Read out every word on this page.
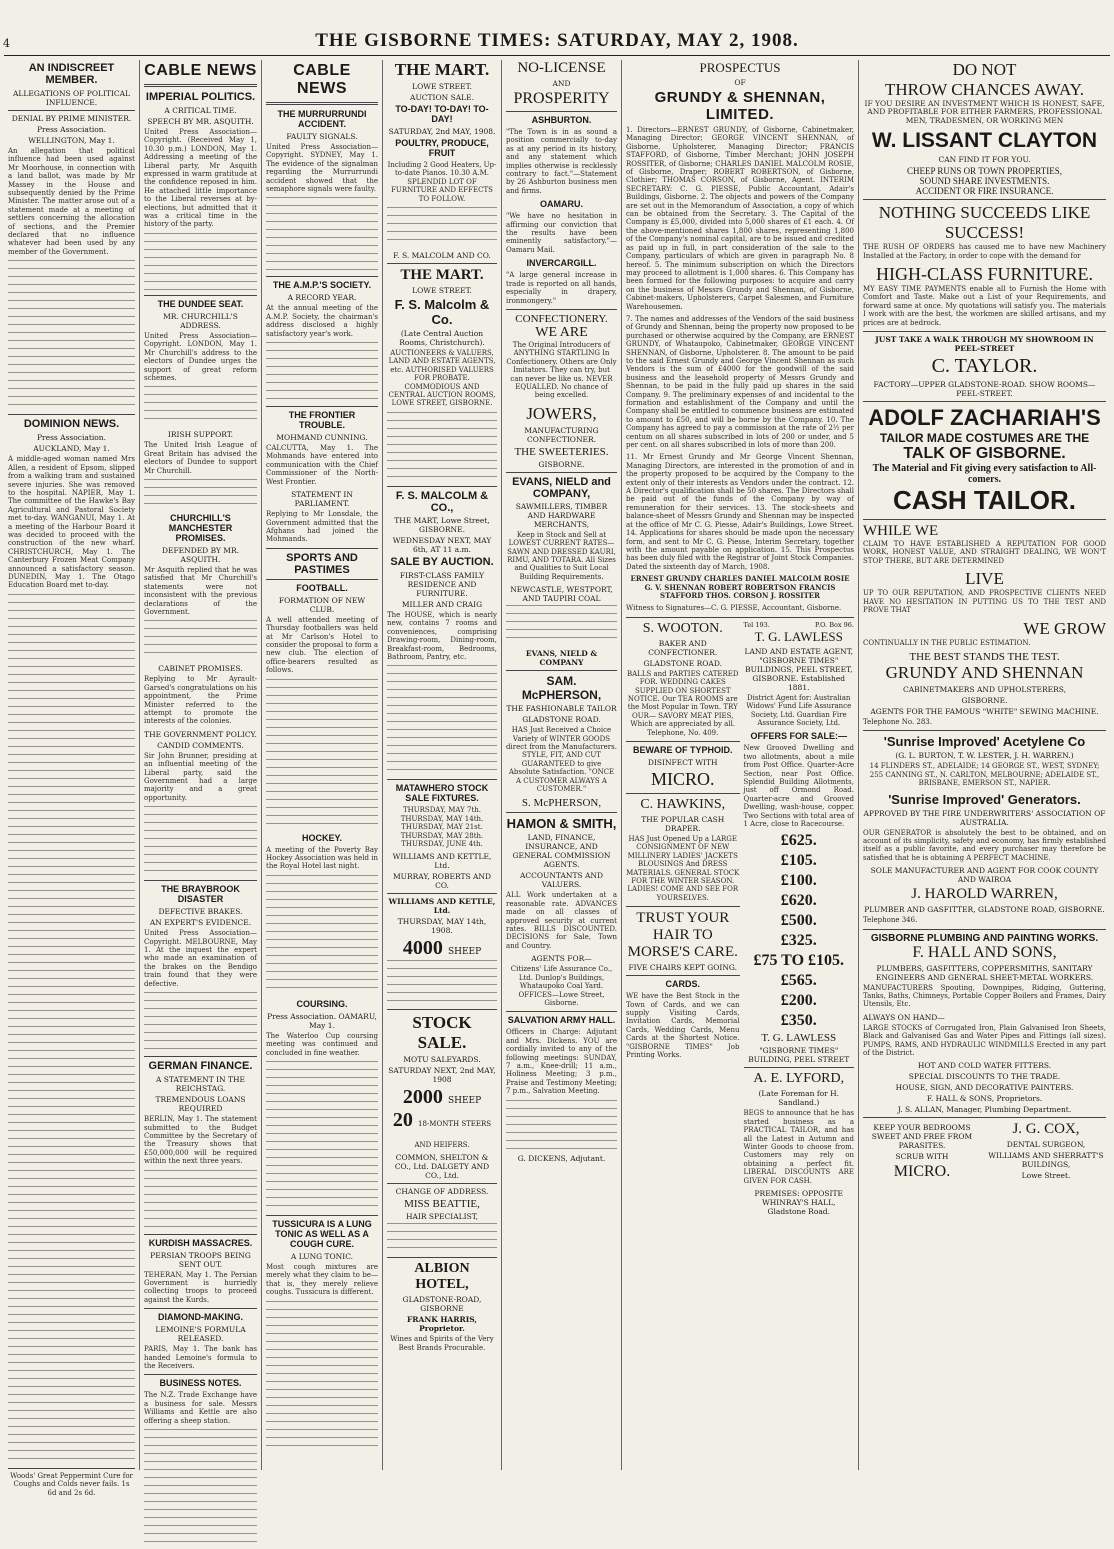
4	THE GISBORNE TIMES: SATURDAY, MAY 2, 1908.
AN INDISCREET MEMBER.
ALLEGATIONS OF POLITICAL INFLUENCE.
DENIAL BY PRIME MINISTER.
Press Association.
WELLINGTON, May 1.
An allegation that political influence had been used against Mr Moorhouse, in connection with a land ballot, was made by Mr Massey in the House and subsequently denied by the Prime Minister. The matter arose out of a statement made at a meeting of settlers concerning the allocation of sections, and the Premier declared that no influence whatever had been used by any member of the Government.
DOMINION NEWS.
Press Association.
AUCKLAND, May 1.
A middle-aged woman named Mrs Allen, a resident of Epsom, slipped from a walking tram and sustained severe injuries. She was removed to the hospital. NAPIER, May 1. The committee of the Hawke's Bay Agricultural and Pastoral Society met to-day. WANGANUI, May 1. At a meeting of the Harbour Board it was decided to proceed with the construction of the new wharf. CHRISTCHURCH, May 1. The Canterbury Frozen Meat Company announced a satisfactory season. DUNEDIN, May 1. The Otago Education Board met to-day.
Woods' Great Peppermint Cure for Coughs and Colds never fails. 1s 6d and 2s 6d.
CABLE NEWS
IMPERIAL POLITICS.
A CRITICAL TIME.
SPEECH BY MR. ASQUITH.
United Press Association—Copyright. (Received May 1, 10.30 p.m.) LONDON, May 1. Addressing a meeting of the Liberal party, Mr Asquith expressed in warm gratitude at the confidence reposed in him. He attached little importance to the Liberal reverses at by-elections, but admitted that it was a critical time in the history of the party.
THE DUNDEE SEAT.
MR. CHURCHILL'S ADDRESS.
United Press Association—Copyright. LONDON, May 1. Mr Churchill's address to the electors of Dundee urges the support of great reform schemes.
IRISH SUPPORT.
The United Irish League of Great Britain has advised the electors of Dundee to support Mr Churchill.
CHURCHILL'S MANCHESTER PROMISES.
DEFENDED BY MR. ASQUITH.
Mr Asquith replied that he was satisfied that Mr Churchill's statements were not inconsistent with the previous declarations of the Government.
CABINET PROMISES.
Replying to Mr Ayrault-Garsed's congratulations on his appointment, the Prime Minister referred to the attempt to promote the interests of the colonies.
THE GOVERNMENT POLICY.
CANDID COMMENTS.
Sir John Brunner, presiding at an influential meeting of the Liberal party, said the Government had a large majority and a great opportunity.
THE BRAYBROOK DISASTER
DEFECTIVE BRAKES.
AN EXPERT'S EVIDENCE.
United Press Association—Copyright. MELBOURNE, May 1. At the inquest the expert who made an examination of the brakes on the Bendigo train found that they were defective.
GERMAN FINANCE.
A STATEMENT IN THE REICHSTAG.
TREMENDOUS LOANS REQUIRED
BERLIN, May 1. The statement submitted to the Budget Committee by the Secretary of the Treasury shows that £50,000,000 will be required within the next three years.
KURDISH MASSACRES.
PERSIAN TROOPS BEING SENT OUT.
TEHERAN, May 1. The Persian Government is hurriedly collecting troops to proceed against the Kurds.
DIAMOND-MAKING.
LEMOINE'S FORMULA RELEASED.
PARIS, May 1. The bank has handed Lemoine's formula to the Receivers.
BUSINESS NOTES.
The N.Z. Trade Exchange have a business for sale. Messrs Williams and Kettle are also offering a sheep station.
CABLE NEWS
THE MURRURRUNDI ACCIDENT.
FAULTY SIGNALS.
United Press Association—Copyright. SYDNEY, May 1. The evidence of the signalman regarding the Murrurrundi accident showed that the semaphore signals were faulty.
THE A.M.P.'S SOCIETY.
A RECORD YEAR.
At the annual meeting of the A.M.P. Society, the chairman's address disclosed a highly satisfactory year's work.
THE FRONTIER TROUBLE.
MOHMAND CUNNING.
CALCUTTA, May 1. The Mohmands have entered into communication with the Chief Commissioner of the North-West Frontier.
STATEMENT IN PARLIAMENT.
Replying to Mr Lonsdale, the Government admitted that the Afghans had joined the Mohmands.
SPORTS AND PASTIMES
FOOTBALL.
FORMATION OF NEW CLUB.
A well attended meeting of Thursday footballers was held at Mr Carlson's Hotel to consider the proposal to form a new club. The election of office-bearers resulted as follows.
HOCKEY.
A meeting of the Poverty Bay Hockey Association was held in the Royal Hotel last night.
COURSING.
Press Association. OAMARU, May 1.
The Waterloo Cup coursing meeting was continued and concluded in fine weather.
TUSSICURA IS A LUNG TONIC AS WELL AS A COUGH CURE.
A LUNG TONIC.
Most cough mixtures are merely what they claim to be—that is, they merely relieve coughs. Tussicura is different.
THE MART.
LOWE STREET.
AUCTION SALE.
TO-DAY! TO-DAY! TO-DAY!
SATURDAY, 2nd MAY, 1908.
POULTRY, PRODUCE, FRUIT
Including 2 Good Heaters, Up-to-date Pianos. 10.30 A.M. SPLENDID LOT OF FURNITURE AND EFFECTS TO FOLLOW.
F. S. MALCOLM AND CO.
THE MART.
LOWE STREET.
F. S. Malcolm & Co.
(Late Central Auction Rooms, Christchurch).
AUCTIONEERS & VALUERS, LAND AND ESTATE AGENTS, etc. AUTHORISED VALUERS FOR PROBATE. COMMODIOUS AND CENTRAL AUCTION ROOMS, LOWE STREET, GISBORNE.
F. S. MALCOLM & CO.,
THE MART, Lowe Street, GISBORNE.
WEDNESDAY NEXT, MAY 6th, AT 11 a.m.
SALE BY AUCTION.
FIRST-CLASS FAMILY RESIDENCE AND FURNITURE.
MILLER AND CRAIG
The HOUSE, which is nearly new, contains 7 rooms and conveniences, comprising Drawing-room, Dining-room, Breakfast-room, Bedrooms, Bathroom, Pantry, etc.
MATAWHERO STOCK SALE FIXTURES.
THURSDAY, MAY 7th. THURSDAY, MAY 14th. THURSDAY, MAY 21st. THURSDAY, MAY 28th. THURSDAY, JUNE 4th.
WILLIAMS AND KETTLE, Ltd.
MURRAY, ROBERTS AND CO.
WILLIAMS AND KETTLE, Ltd.
THURSDAY, MAY 14th, 1908.
4000 SHEEP
STOCK SALE.
MOTU SALEYARDS.
SATURDAY NEXT, 2nd MAY, 1908
2000 SHEEP
20 18-MONTH STEERS AND HEIFERS.
COMMON, SHELTON & CO., Ltd. DALGETY AND CO., Ltd.
CHANGE OF ADDRESS.
MISS BEATTIE,
HAIR SPECIALIST,
ALBION HOTEL,
GLADSTONE-ROAD, GISBORNE
FRANK HARRIS, Proprietor.
Wines and Spirits of the Very Best Brands Procurable.
NO-LICENSE
AND
PROSPERITY
ASHBURTON.
"The Town is in as sound a position commercially to-day as at any period in its history, and any statement which implies otherwise is recklessly contrary to fact."—Statement by 26 Ashburton business men and firms.
OAMARU.
"We have no hesitation in affirming our conviction that the results have been eminently satisfactory."—Oamaru Mail.
INVERCARGILL.
"A large general increase in trade is reported on all hands, especially in drapery, ironmongery."
CONFECTIONERY.
WE ARE
The Original Introducers of ANYTHING STARTLING In Confectionery. Others are Only Imitators. They can try, but can never be like us. NEVER EQUALLED. No chance of being excelled.
JOWERS,
MANUFACTURING CONFECTIONER.
THE SWEETERIES.
GISBORNE.
EVANS, NIELD and COMPANY,
SAWMILLERS, TIMBER AND HARDWARE MERCHANTS,
Keep in Stock and Sell at LOWEST CURRENT RATES— SAWN AND DRESSED KAURI, RIMU, AND TOTARA. All Sizes and Qualities to Suit Local Building Requirements.
NEWCASTLE, WESTPORT, AND TAUPIRI COAL
EVANS, NIELD & COMPANY
SAM. McPHERSON,
THE FASHIONABLE TAILOR
GLADSTONE ROAD.
HAS Just Received a Choice Variety of WINTER GOODS direct from the Manufacturers. STYLE, FIT, AND CUT GUARANTEED to give Absolute Satisfaction. "ONCE A CUSTOMER ALWAYS A CUSTOMER."
S. McPHERSON,
HAMON & SMITH,
LAND, FINANCE, INSURANCE, AND GENERAL COMMISSION AGENTS.
ACCOUNTANTS AND VALUERS.
ALL Work undertaken at a reasonable rate. ADVANCES made on all classes of approved security at current rates. BILLS DISCOUNTED. DECISIONS for Sale, Town and Country.
AGENTS FOR—
Citizens' Life Assurance Co., Ltd. Dunlop's Buildings, Whataupoko Coal Yard. OFFICES—Lowe Street, Gisborne.
SALVATION ARMY HALL.
Officers in Charge: Adjutant and Mrs. Dickens. YOU are cordially invited to any of the following meetings: SUNDAY, 7 a.m., Knee-drill; 11 a.m., Holiness Meeting; 3 p.m., Praise and Testimony Meeting; 7 p.m., Salvation Meeting.
G. DICKENS, Adjutant.
PROSPECTUS
OF
GRUNDY & SHENNAN, LIMITED.
1. Directors—ERNEST GRUNDY, of Gisborne, Cabinetmaker, Managing Director; GEORGE VINCENT SHENNAN, of Gisborne, Upholsterer, Managing Director; FRANCIS STAFFORD, of Gisborne, Timber Merchant; JOHN JOSEPH ROSSITER, of Gisborne; CHARLES DANIEL MALCOLM ROSIE, of Gisborne, Draper; ROBERT ROBERTSON, of Gisborne, Clothier; THOMAS CORSON, of Gisborne, Agent. INTERIM SECRETARY: C. G. PIESSE, Public Accountant, Adair's Buildings, Gisborne. 2. The objects and powers of the Company are set out in the Memorandum of Association, a copy of which can be obtained from the Secretary. 3. The Capital of the Company is £5,000, divided into 5,000 shares of £1 each. 4. Of the above-mentioned shares 1,800 shares, representing 1,800 of the Company's nominal capital, are to be issued and credited as paid up in full, in part consideration of the sale to the Company, particulars of which are given in paragraph No. 8 hereof. 5. The minimum subscription on which the Directors may proceed to allotment is 1,000 shares. 6. This Company has been formed for the following purposes: to acquire and carry on the business of Messrs Grundy and Shennan, of Gisborne, Cabinet-makers, Upholsterers, Carpet Salesmen, and Furniture Warehousemen.
7. The names and addresses of the Vendors of the said business of Grundy and Shennan, being the property now proposed to be purchased or otherwise acquired by the Company, are ERNEST GRUNDY, of Whataupoko, Cabinetmaker, GEORGE VINCENT SHENNAN, of Gisborne, Upholsterer. 8. The amount to be paid to the said Ernest Grundy and George Vincent Shennan as such Vendors is the sum of £4000 for the goodwill of the said business and the leasehold property of Messrs Grundy and Shennan, to be paid in the fully paid up shares in the said Company. 9. The preliminary expenses of and incidental to the formation and establishment of the Company and until the Company shall be entitled to commence business are estimated to amount to £50, and will be borne by the Company. 10. The Company has agreed to pay a commission at the rate of 2½ per centum on all shares subscribed in lots of 200 or under, and 5 per cent. on all shares subscribed in lots of more than 200.
11. Mr Ernest Grundy and Mr George Vincent Shennan, Managing Directors, are interested in the promotion of and in the property proposed to be acquired by the Company to the extent only of their interests as Vendors under the contract. 12. A Director's qualification shall be 50 shares. The Directors shall be paid out of the funds of the Company by way of remuneration for their services. 13. The stock-sheets and balance-sheet of Messrs Grundy and Shennan may be inspected at the office of Mr C. G. Piesse, Adair's Buildings, Lowe Street. 14. Applications for shares should be made upon the necessary form, and sent to Mr C. G. Piesse, Interim Secretary, together with the amount payable on application. 15. This Prospectus has been duly filed with the Registrar of Joint Stock Companies. Dated the sixteenth day of March, 1908.
ERNEST GRUNDY CHARLES DANIEL MALCOLM ROSIE G. V. SHENNAN ROBERT ROBERTSON FRANCIS STAFFORD THOS. CORSON J. ROSSITER
Witness to Signatures—C. G. PIESSE, Accountant, Gisborne.
S. WOOTON.
BAKER AND CONFECTIONER.
GLADSTONE ROAD.
BALLS and PARTIES CATERED FOR. WEDDING CAKES SUPPLIED ON SHORTEST NOTICE. Our TEA ROOMS are the Most Popular in Town. TRY OUR— SAVORY MEAT PIES, Which are appreciated by all. Telephone, No. 409.
BEWARE OF TYPHOID.
DISINFECT WITH
MICRO.
C. HAWKINS,
THE POPULAR CASH DRAPER.
HAS Just Opened Up a LARGE CONSIGNMENT OF NEW MILLINERY LADIES' JACKETS BLOUSINGS And DRESS MATERIALS. GENERAL STOCK FOR THE WINTER SEASON. LADIES! COME AND SEE FOR YOURSELVES.
TRUST YOUR HAIR TO MORSE'S CARE.
FIVE CHAIRS KEPT GOING.
CARDS.
WE have the Best Stock in the Town of Cards, and we can supply Visiting Cards, Invitation Cards, Memorial Cards, Wedding Cards, Menu Cards at the Shortest Notice. "GISBORNE TIMES" Job Printing Works.
Tel 193.	P.O. Box 96.
T. G. LAWLESS
LAND AND ESTATE AGENT, "GISBORNE TIMES" BUILDINGS, PEEL STREET, GISBORNE. Established 1881.
District Agent for: Australian Widows' Fund Life Assurance Society, Ltd. Guardian Fire Assurance Society, Ltd.
OFFERS FOR SALE:—
New Grooved Dwelling and two allotments, about a mile from Post Office. Quarter-Acre Section, near Post Office. Splendid Building Allotments, just off Ormond Road. Quarter-acre and Grooved Dwelling, wash-house, copper. Two Sections with total area of 1 Acre, close to Racecourse.
£625.
£105.
£100.
£620.
£500.
£325.
£75 TO £105.
£565.
£200.
£350.
T. G. LAWLESS
"GISBORNE TIMES" BUILDING, PEEL STREET
A. E. LYFORD,
(Late Foreman for H. Sandland.)
BEGS to announce that he has started business as a PRACTICAL TAILOR, and has all the Latest in Autumn and Winter Goods to choose from. Customers may rely on obtaining a perfect fit. LIBERAL DISCOUNTS ARE GIVEN FOR CASH.
PREMISES: OPPOSITE WHINRAY'S HALL, Gladstone Road.
DO NOT
THROW CHANCES AWAY.
IF YOU DESIRE AN INVESTMENT WHICH IS HONEST, SAFE, AND PROFITABLE FOR EITHER FARMERS, PROFESSIONAL MEN, TRADESMEN, OR WORKING MEN
W. LISSANT CLAYTON
CAN FIND IT FOR YOU.
CHEEP RUNS OR TOWN PROPERTIES,
SOUND SHARE INVESTMENTS.
ACCIDENT OR FIRE INSURANCE.
NOTHING SUCCEEDS LIKE SUCCESS!
THE RUSH OF ORDERS has caused me to have new Machinery Installed at the Factory, in order to cope with the demand for
HIGH-CLASS FURNITURE.
MY EASY TIME PAYMENTS enable all to Furnish the Home with Comfort and Taste. Make out a List of your Requirements, and forward same at once. My quotations will satisfy you. The materials I work with are the best, the workmen are skilled artisans, and my prices are at bedrock.
JUST TAKE A WALK THROUGH MY SHOWROOM IN PEEL-STREET
C. TAYLOR.
FACTORY—UPPER GLADSTONE-ROAD. SHOW ROOMS—PEEL-STREET.
ADOLF ZACHARIAH'S
TAILOR MADE COSTUMES ARE THE
TALK OF GISBORNE.
The Material and Fit giving every satisfaction to All-comers.
CASH TAILOR.
WHILE WE
CLAIM TO HAVE ESTABLISHED A REPUTATION FOR GOOD WORK, HONEST VALUE, AND STRAIGHT DEALING, WE WON'T STOP THERE, BUT ARE DETERMINED
LIVE
UP TO OUR REPUTATION, AND PROSPECTIVE CLIENTS NEED HAVE NO HESITATION IN PUTTING US TO THE TEST AND PROVE THAT
WE GROW
CONTINUALLY IN THE PUBLIC ESTIMATION.
THE BEST STANDS THE TEST.
GRUNDY AND SHENNAN
CABINETMAKERS AND UPHOLSTERERS,
GISBORNE.
AGENTS FOR THE FAMOUS "WHITE" SEWING MACHINE.
Telephone No. 283.
'Sunrise Improved' Acetylene Co
(G. L. BURTON, T. W. LESTER, J. H. WARREN.)
14 FLINDERS ST., ADELAIDE; 14 GEORGE ST., WEST, SYDNEY; 255 CANNING ST., N. CARLTON, MELBOURNE; ADELAIDE ST., BRISBANE, EMERSON ST., NAPIER.
'Sunrise Improved' Generators.
APPROVED BY THE FIRE UNDERWRITERS' ASSOCIATION OF AUSTRALIA.
OUR GENERATOR is absolutely the best to be obtained, and on account of its simplicity, safety and economy, has firmly established itself as a public favorite, and every purchaser may therefore be satisfied that he is obtaining A PERFECT MACHINE.
SOLE MANUFACTURER AND AGENT FOR COOK COUNTY AND WAIROA
J. HAROLD WARREN,
PLUMBER AND GASFITTER, GLADSTONE ROAD, GISBORNE.
Telephone 346.
GISBORNE PLUMBING AND PAINTING WORKS.
F. HALL AND SONS,
PLUMBERS, GASFITTERS, COPPERSMITHS, SANITARY ENGINEERS AND GENERAL SHEET-METAL WORKERS.
MANUFACTURERS Spouting, Downpipes, Ridging, Guttering, Tanks, Baths, Chimneys, Portable Copper Boilers and Frames, Dairy Utensils, Etc.
ALWAYS ON HAND—
LARGE STOCKS of Corrugated Iron, Plain Galvanised Iron Sheets, Black and Galvanised Gas and Water Pipes and Fittings (all sizes). PUMPS, RAMS, AND HYDRAULIC WINDMILLS Erected in any part of the District.
HOT AND COLD WATER FITTERS.
SPECIAL DISCOUNTS TO THE TRADE.
HOUSE, SIGN, AND DECORATIVE PAINTERS.
F. HALL & SONS, Proprietors.
J. S. ALLAN, Manager, Plumbing Department.
KEEP YOUR BEDROOMS SWEET AND FREE FROM PARASITES.
SCRUB WITH
MICRO.
J. G. COX,
DENTAL SURGEON,
WILLIAMS AND SHERRATT'S BUILDINGS,
Lowe Street.
